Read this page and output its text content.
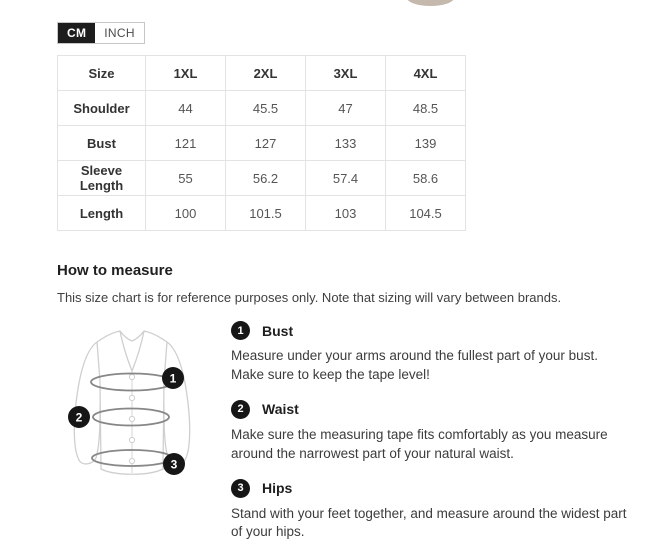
CM	INCH
Size	1XL	2XL	3XL	4XL
Shoulder	44	45.5	47	48.5
Bust	121	127	133	139
Sleeve Length	55	56.2	57.4	58.6
Length	100	101.5	103	104.5
How to measure
This size chart is for reference purposes only. Note that sizing will vary between brands.
1
2
3
1	Bust
Measure under your arms around the fullest part of your bust. Make sure to keep the tape level!
2	Waist
Make sure the measuring tape fits comfortably as you measure around the narrowest part of your natural waist.
3	Hips
Stand with your feet together, and measure around the widest part of your hips.
